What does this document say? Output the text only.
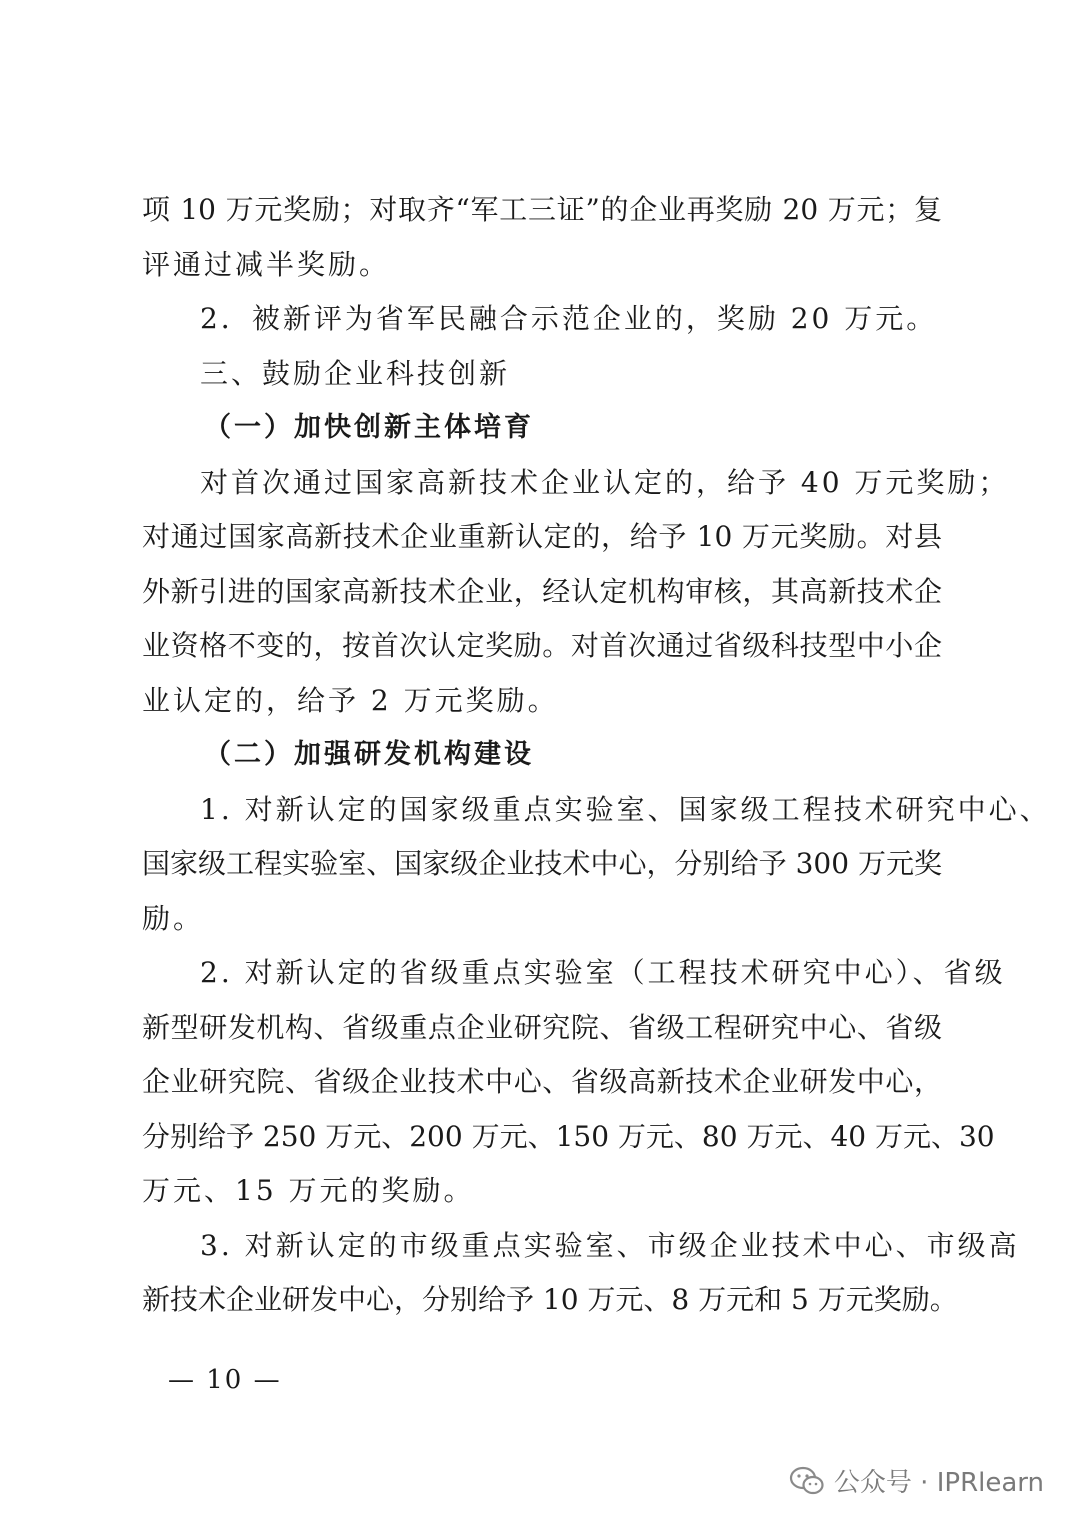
项 10 万元奖励；对取齐“军工三证”的企业再奖励 20 万元；复
评通过减半奖励。
2．被新评为省军民融合示范企业的，奖励 20 万元。
三、鼓励企业科技创新
（一）加快创新主体培育
对首次通过国家高新技术企业认定的，给予 40 万元奖励；
对通过国家高新技术企业重新认定的，给予 10 万元奖励。对县
外新引进的国家高新技术企业，经认定机构审核，其高新技术企
业资格不变的，按首次认定奖励。对首次通过省级科技型中小企
业认定的，给予 2 万元奖励。
（二）加强研发机构建设
1. 对新认定的国家级重点实验室、国家级工程技术研究中心、
国家级工程实验室、国家级企业技术中心，分别给予 300 万元奖
励。
2. 对新认定的省级重点实验室（工程技术研究中心）、省级
新型研发机构、省级重点企业研究院、省级工程研究中心、省级
企业研究院、省级企业技术中心、省级高新技术企业研发中心，
分别给予 250 万元、200 万元、150 万元、80 万元、40 万元、30
万元、15 万元的奖励。
3. 对新认定的市级重点实验室、市级企业技术中心、市级高
新技术企业研发中心，分别给予 10 万元、8 万元和 5 万元奖励。
— 10 —
公众号 · IPRlearn
